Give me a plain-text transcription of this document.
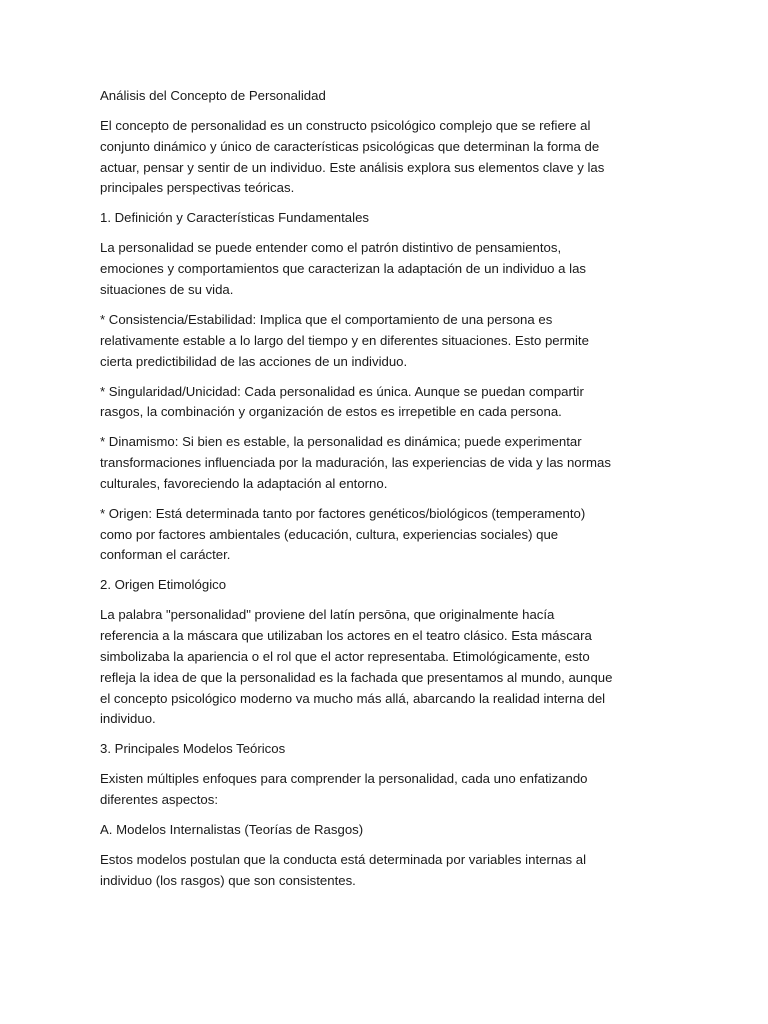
Análisis del Concepto de Personalidad

El concepto de personalidad es un constructo psicológico complejo que se refiere al conjunto dinámico y único de características psicológicas que determinan la forma de actuar, pensar y sentir de un individuo. Este análisis explora sus elementos clave y las principales perspectivas teóricas.

1. Definición y Características Fundamentales

La personalidad se puede entender como el patrón distintivo de pensamientos, emociones y comportamientos que caracterizan la adaptación de un individuo a las situaciones de su vida.

* Consistencia/Estabilidad: Implica que el comportamiento de una persona es relativamente estable a lo largo del tiempo y en diferentes situaciones. Esto permite cierta predictibilidad de las acciones de un individuo.

* Singularidad/Unicidad: Cada personalidad es única. Aunque se puedan compartir rasgos, la combinación y organización de estos es irrepetible en cada persona.

* Dinamismo: Si bien es estable, la personalidad es dinámica; puede experimentar transformaciones influenciada por la maduración, las experiencias de vida y las normas culturales, favoreciendo la adaptación al entorno.

* Origen: Está determinada tanto por factores genéticos/biológicos (temperamento) como por factores ambientales (educación, cultura, experiencias sociales) que conforman el carácter.

2. Origen Etimológico

La palabra "personalidad" proviene del latín persōna, que originalmente hacía referencia a la máscara que utilizaban los actores en el teatro clásico. Esta máscara simbolizaba la apariencia o el rol que el actor representaba. Etimológicamente, esto refleja la idea de que la personalidad es la fachada que presentamos al mundo, aunque el concepto psicológico moderno va mucho más allá, abarcando la realidad interna del individuo.

3. Principales Modelos Teóricos

Existen múltiples enfoques para comprender la personalidad, cada uno enfatizando diferentes aspectos:

A. Modelos Internalistas (Teorías de Rasgos)

Estos modelos postulan que la conducta está determinada por variables internas al individuo (los rasgos) que son consistentes.
